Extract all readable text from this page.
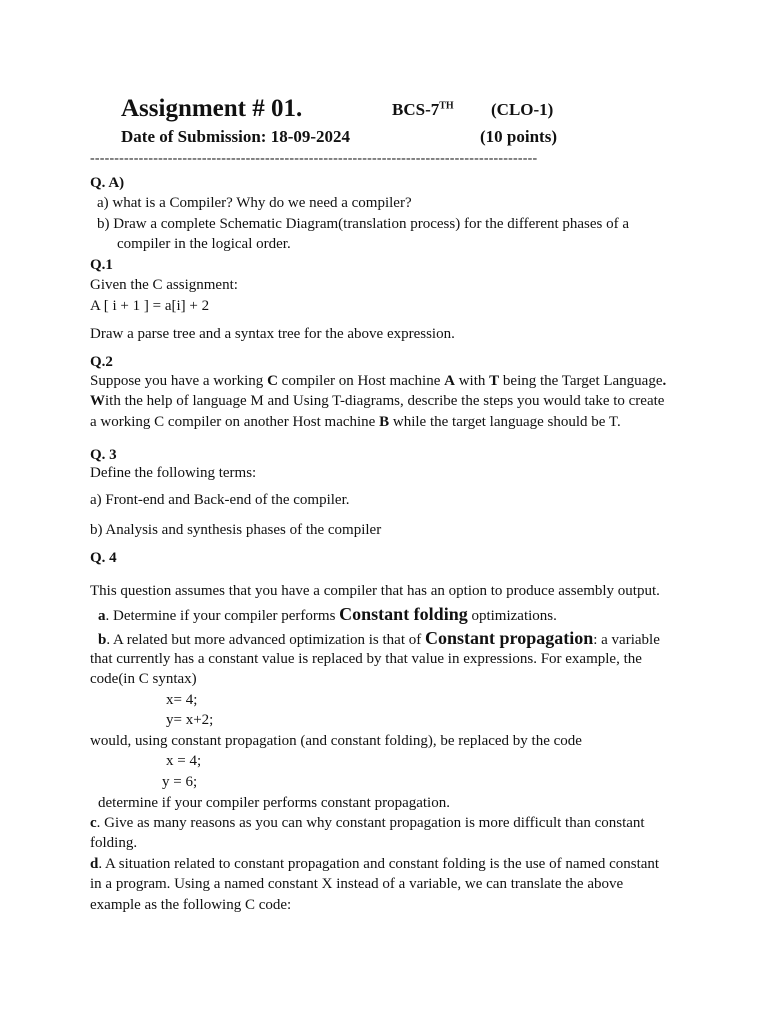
Assignment # 01.	BCS-7TH (CLO-1)
Date of Submission: 18-09-2024	(10 points)
--------------------------------------------------------------------------------------------
Q. A)
a) what is a Compiler? Why do we need a compiler?
b) Draw a complete Schematic Diagram(translation process) for the different phases of a
compiler in the logical order.
Q.1
Given the C assignment:
A [ i + 1 ] = a[i] + 2
Draw a parse tree and a syntax tree for the above expression.
Q.2
Suppose you have a working C compiler on Host machine A with T being the Target Language.
With the help of language M and Using T-diagrams, describe the steps you would take to create
a working C compiler on another Host machine B while the target language should be T.
Q. 3
Define the following terms:
a) Front-end and Back-end of the compiler.
b) Analysis and synthesis phases of the compiler
Q. 4
This question assumes that you have a compiler that has an option to produce assembly output.
a. Determine if your compiler performs Constant folding optimizations.
b. A related but more advanced optimization is that of Constant propagation: a variable
that currently has a constant value is replaced by that value in expressions. For example, the
code(in C syntax)
x= 4;
y= x+2;
would, using constant propagation (and constant folding), be replaced by the code
x = 4;
y = 6;
determine if your compiler performs constant propagation.
c. Give as many reasons as you can why constant propagation is more difficult than constant
folding.
d. A situation related to constant propagation and constant folding is the use of named constant
in a program. Using a named constant X instead of a variable, we can translate the above
example as the following C code:
